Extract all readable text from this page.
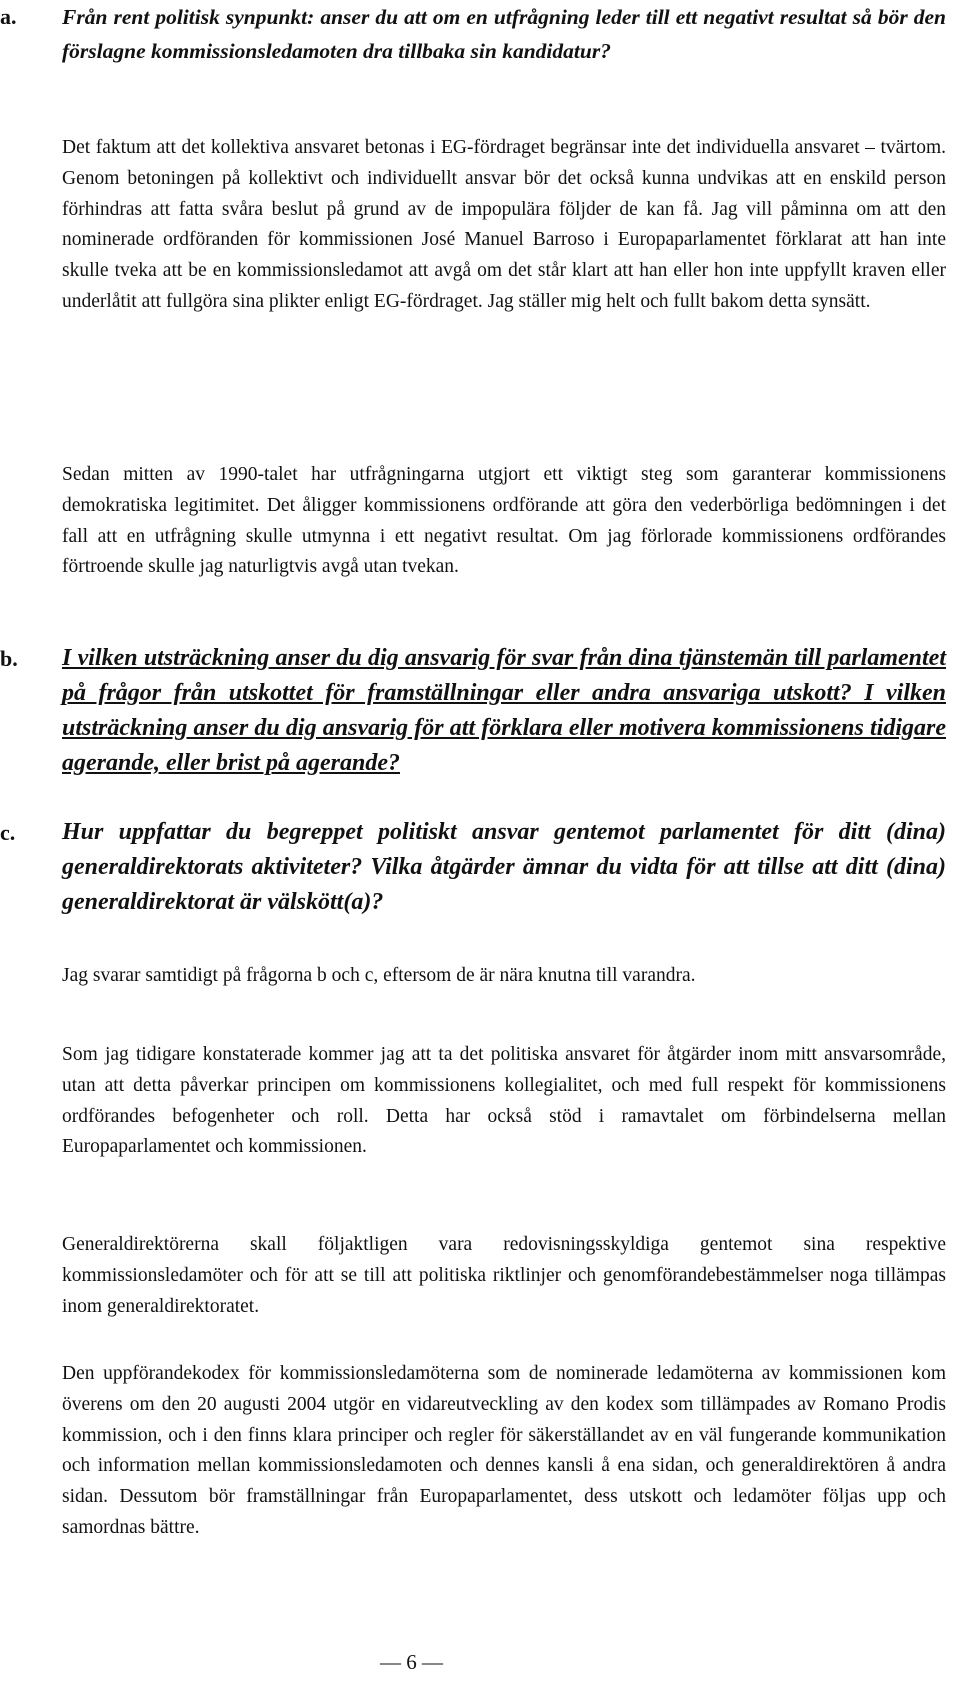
a. Från rent politisk synpunkt: anser du att om en utfrågning leder till ett negativt resultat så bör den förslagne kommissionsledamoten dra tillbaka sin kandidatur?
Det faktum att det kollektiva ansvaret betonas i EG-fördraget begränsar inte det individuella ansvaret – tvärtom. Genom betoningen på kollektivt och individuellt ansvar bör det också kunna undvikas att en enskild person förhindras att fatta svåra beslut på grund av de impopulära följder de kan få. Jag vill påminna om att den nominerade ordföranden för kommissionen José Manuel Barroso i Europaparlamentet förklarat att han inte skulle tveka att be en kommissionsledamot att avgå om det står klart att han eller hon inte uppfyllt kraven eller underlåtit att fullgöra sina plikter enligt EG-fördraget. Jag ställer mig helt och fullt bakom detta synsätt.
Sedan mitten av 1990-talet har utfrågningarna utgjort ett viktigt steg som garanterar kommissionens demokratiska legitimitet. Det åligger kommissionens ordförande att göra den vederbörliga bedömningen i det fall att en utfrågning skulle utmynna i ett negativt resultat. Om jag förlorade kommissionens ordförandes förtroende skulle jag naturligtvis avgå utan tvekan.
b. I vilken utsträckning anser du dig ansvarig för svar från dina tjänstemän till parlamentet på frågor från utskottet för framställningar eller andra ansvariga utskott? I vilken utsträckning anser du dig ansvarig för att förklara eller motivera kommissionens tidigare agerande, eller brist på agerande?
c. Hur uppfattar du begreppet politiskt ansvar gentemot parlamentet för ditt (dina) generaldirektorats aktiviteter? Vilka åtgärder ämnar du vidta för att tillse att ditt (dina) generaldirektorat är välskött(a)?
Jag svarar samtidigt på frågorna b och c, eftersom de är nära knutna till varandra.
Som jag tidigare konstaterade kommer jag att ta det politiska ansvaret för åtgärder inom mitt ansvarsområde, utan att detta påverkar principen om kommissionens kollegialitet, och med full respekt för kommissionens ordförandes befogenheter och roll. Detta har också stöd i ramavtalet om förbindelserna mellan Europaparlamentet och kommissionen.
Generaldirektörerna skall följaktligen vara redovisningsskyldiga gentemot sina respektive kommissionsledamöter och för att se till att politiska riktlinjer och genomförandebestämmelser noga tillämpas inom generaldirektoratet.
Den uppförandekodex för kommissionsledamöterna som de nominerade ledamöterna av kommissionen kom överens om den 20 augusti 2004 utgör en vidareutveckling av den kodex som tillämpades av Romano Prodis kommission, och i den finns klara principer och regler för säkerställandet av en väl fungerande kommunikation och information mellan kommissionsledamoten och dennes kansli å ena sidan, och generaldirektören å andra sidan. Dessutom bör framställningar från Europaparlamentet, dess utskott och ledamöter följas upp och samordnas bättre.
— 6 —
